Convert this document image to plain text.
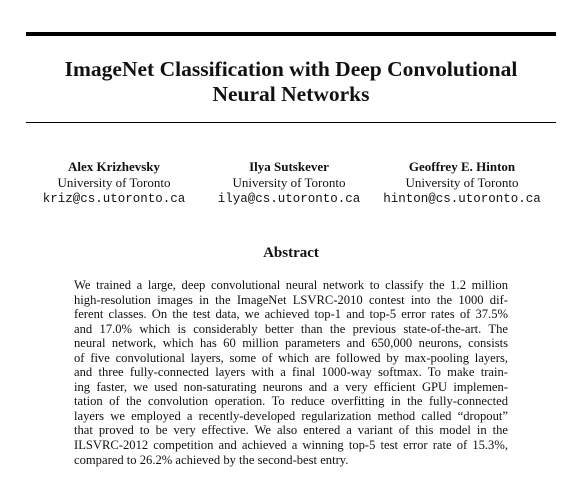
ImageNet Classification with Deep Convolutional
Neural Networks
Alex Krizhevsky
University of Toronto
kriz@cs.utoronto.ca
Ilya Sutskever
University of Toronto
ilya@cs.utoronto.ca
Geoffrey E. Hinton
University of Toronto
hinton@cs.utoronto.ca
Abstract
We trained a large, deep convolutional neural network to classify the 1.2 million
high-resolution images in the ImageNet LSVRC-2010 contest into the 1000 dif-
ferent classes. On the test data, we achieved top-1 and top-5 error rates of 37.5%
and 17.0% which is considerably better than the previous state-of-the-art. The
neural network, which has 60 million parameters and 650,000 neurons, consists
of five convolutional layers, some of which are followed by max-pooling layers,
and three fully-connected layers with a final 1000-way softmax. To make train-
ing faster, we used non-saturating neurons and a very efficient GPU implemen-
tation of the convolution operation. To reduce overfitting in the fully-connected
layers we employed a recently-developed regularization method called “dropout”
that proved to be very effective. We also entered a variant of this model in the
ILSVRC-2012 competition and achieved a winning top-5 test error rate of 15.3%,
compared to 26.2% achieved by the second-best entry.
